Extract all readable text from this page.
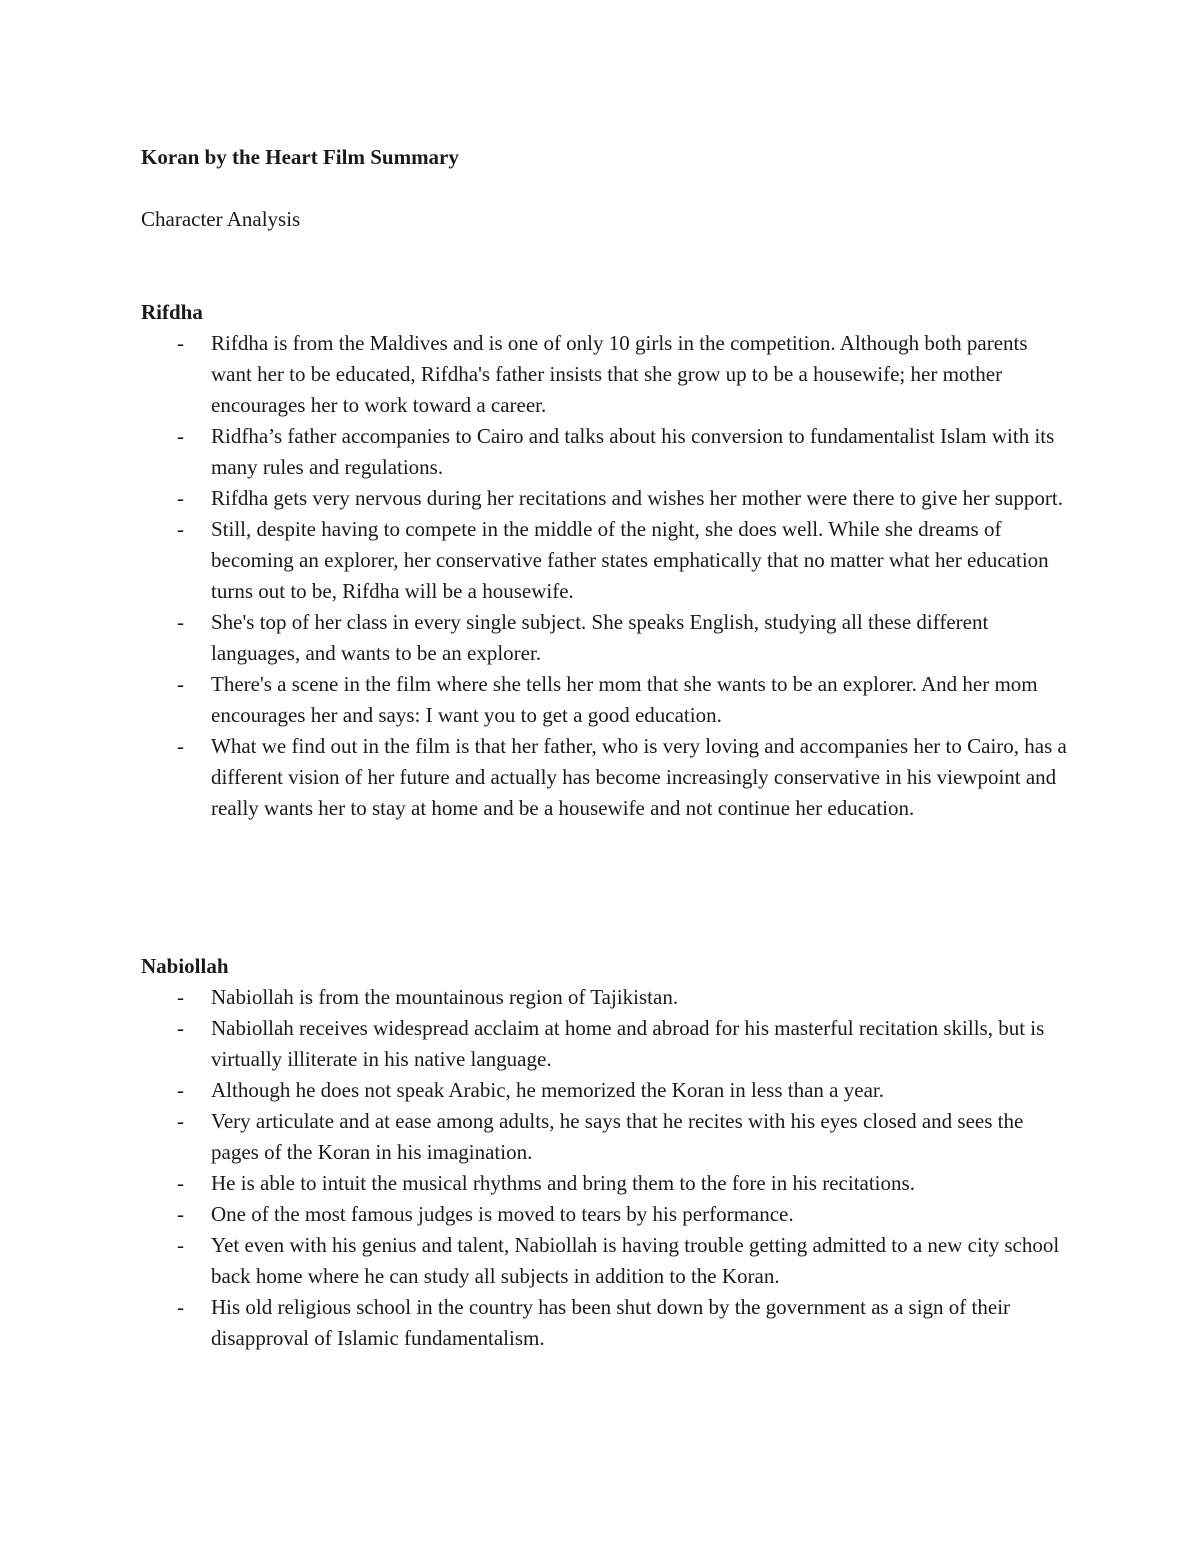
Koran by the Heart Film Summary
Character Analysis
Rifdha
- Rifdha is from the Maldives and is one of only 10 girls in the competition. Although both parents want her to be educated, Rifdha's father insists that she grow up to be a housewife; her mother encourages her to work toward a career.
- Ridfha’s father accompanies to Cairo and talks about his conversion to fundamentalist Islam with its many rules and regulations.
- Rifdha gets very nervous during her recitations and wishes her mother were there to give her support.
- Still, despite having to compete in the middle of the night, she does well. While she dreams of becoming an explorer, her conservative father states emphatically that no matter what her education turns out to be, Rifdha will be a housewife.
- She's top of her class in every single subject. She speaks English, studying all these different languages, and wants to be an explorer.
- There's a scene in the film where she tells her mom that she wants to be an explorer. And her mom encourages her and says: I want you to get a good education.
- What we find out in the film is that her father, who is very loving and accompanies her to Cairo, has a different vision of her future and actually has become increasingly conservative in his viewpoint and really wants her to stay at home and be a housewife and not continue her education.
Nabiollah
- Nabiollah is from the mountainous region of Tajikistan.
- Nabiollah receives widespread acclaim at home and abroad for his masterful recitation skills, but is virtually illiterate in his native language.
- Although he does not speak Arabic, he memorized the Koran in less than a year.
- Very articulate and at ease among adults, he says that he recites with his eyes closed and sees the pages of the Koran in his imagination.
- He is able to intuit the musical rhythms and bring them to the fore in his recitations.
- One of the most famous judges is moved to tears by his performance.
- Yet even with his genius and talent, Nabiollah is having trouble getting admitted to a new city school back home where he can study all subjects in addition to the Koran.
- His old religious school in the country has been shut down by the government as a sign of their disapproval of Islamic fundamentalism.
